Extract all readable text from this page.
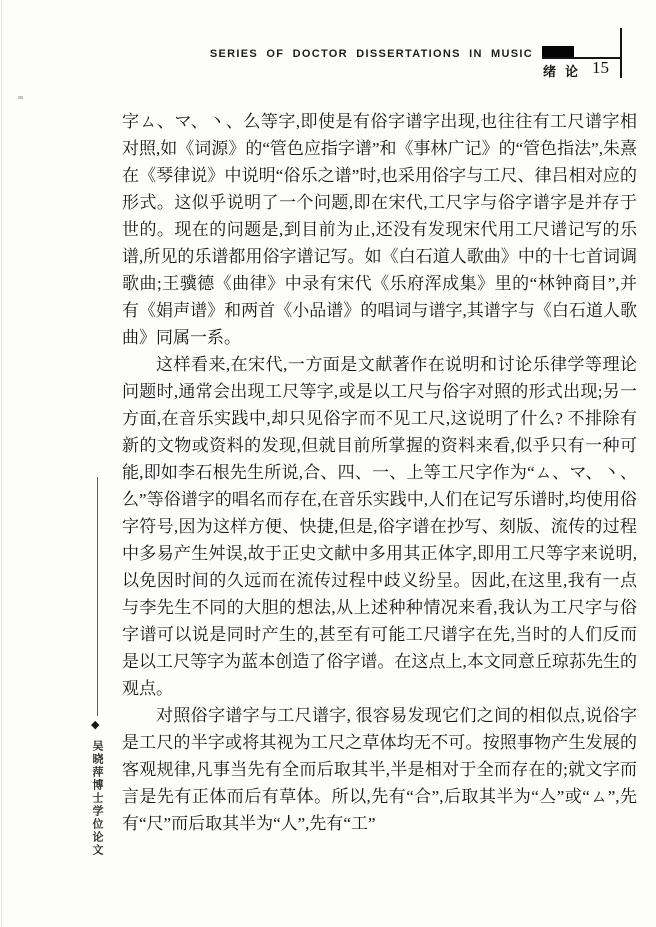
SERIES OF DOCTOR DISSERTATIONS IN MUSIC
绪论 15
◆
吴晓萍博士学位论文

字ㄙ、マ、丶、么等字,即使是有俗字谱字出现,也往往有工尺谱字相对照,如《词源》的“管色应指字谱”和《事林广记》的“管色指法”,朱熹在《琴律说》中说明“俗乐之谱”时,也采用俗字与工尺、律吕相对应的形式。这似乎说明了一个问题,即在宋代,工尺字与俗字谱字是并存于世的。现在的问题是,到目前为止,还没有发现宋代用工尺谱记写的乐谱,所见的乐谱都用俗字谱记写。如《白石道人歌曲》中的十七首词调歌曲;王骥德《曲律》中录有宋代《乐府浑成集》里的“林钟商目”,并有《娟声谱》和两首《小品谱》的唱词与谱字,其谱字与《白石道人歌曲》同属一系。

这样看来,在宋代,一方面是文献著作在说明和讨论乐律学等理论问题时,通常会出现工尺等字,或是以工尺与俗字对照的形式出现;另一方面,在音乐实践中,却只见俗字而不见工尺,这说明了什么? 不排除有新的文物或资料的发现,但就目前所掌握的资料来看,似乎只有一种可能,即如李石根先生所说,合、四、一、上等工尺字作为“ㄙ、マ、丶、么”等俗谱字的唱名而存在,在音乐实践中,人们在记写乐谱时,均使用俗字符号,因为这样方便、快捷,但是,俗字谱在抄写、刻版、流传的过程中多易产生舛误,故于正史文献中多用其正体字,即用工尺等字来说明,以免因时间的久远而在流传过程中歧义纷呈。因此,在这里,我有一点与李先生不同的大胆的想法,从上述种种情况来看,我认为工尺字与俗字谱可以说是同时产生的,甚至有可能工尺谱字在先,当时的人们反而是以工尺等字为蓝本创造了俗字谱。在这点上,本文同意丘琼荪先生的观点。

对照俗字谱字与工尺谱字, 很容易发现它们之间的相似点,说俗字是工尺的半字或将其视为工尺之草体均无不可。按照事物产生发展的客观规律,凡事当先有全而后取其半,半是相对于全而存在的;就文字而言是先有正体而后有草体。所以,先有“合”,后取其半为“亼”或“ㄙ”,先有“尺”而后取其半为“人”,先有“工”
